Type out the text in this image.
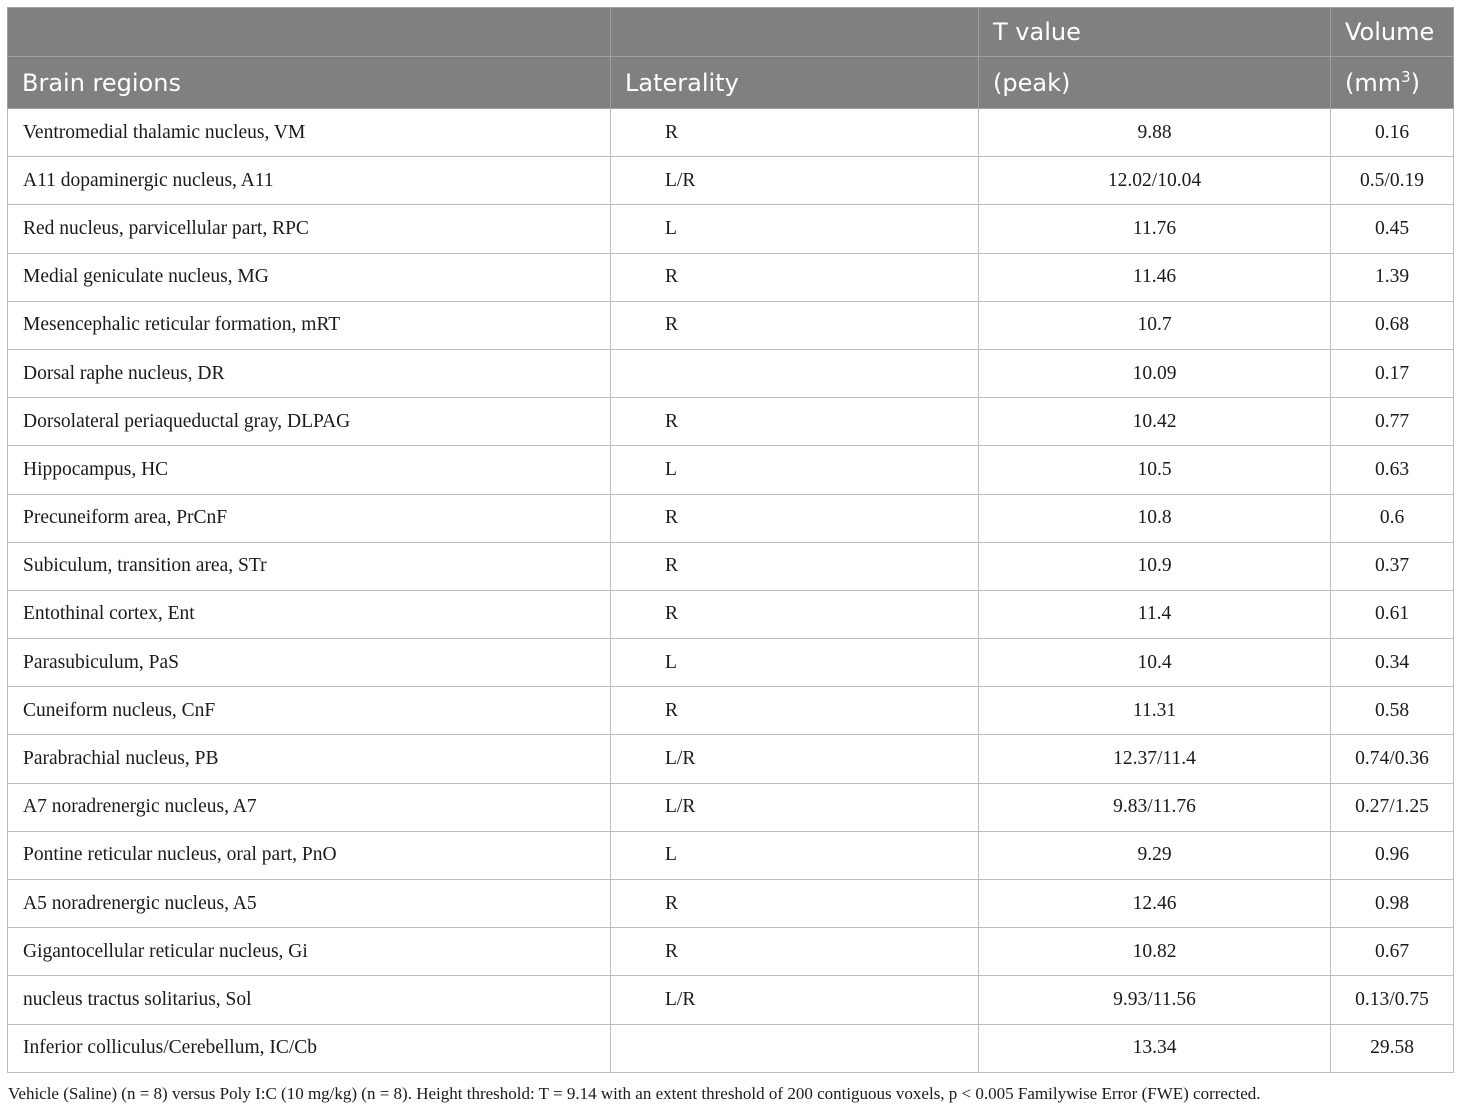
		T value	Volume
Brain regions	Laterality	(peak)	$(mm^3)$
Ventromedial thalamic nucleus, VM	R	9.88	0.16
A11 dopaminergic nucleus, A11	L/R	12.02/10.04	0.5/0.19
Red nucleus, parvicellular part, RPC	L	11.76	0.45
Medial geniculate nucleus, MG	R	11.46	1.39
Mesencephalic reticular formation, mRT	R	10.7	0.68
Dorsal raphe nucleus, DR		10.09	0.17
Dorsolateral periaqueductal gray, DLPAG	R	10.42	0.77
Hippocampus, HC	L	10.5	0.63
Precuneiform area, PrCnF	R	10.8	0.6
Subiculum, transition area, STr	R	10.9	0.37
Entothinal cortex, Ent	R	11.4	0.61
Parasubiculum, PaS	L	10.4	0.34
Cuneiform nucleus, CnF	R	11.31	0.58
Parabrachial nucleus, PB	L/R	12.37/11.4	0.74/0.36
A7 noradrenergic nucleus, A7	L/R	9.83/11.76	0.27/1.25
Pontine reticular nucleus, oral part, PnO	L	9.29	0.96
A5 noradrenergic nucleus, A5	R	12.46	0.98
Gigantocellular reticular nucleus, Gi	R	10.82	0.67
nucleus tractus solitarius, Sol	L/R	9.93/11.56	0.13/0.75
Inferior colliculus/Cerebellum, IC/Cb		13.34	29.58
Vehicle (Saline) (n = 8) versus Poly I:C (10 mg/kg) (n = 8). Height threshold: T = 9.14 with an extent threshold of 200 contiguous voxels, p < 0.005 Familywise Error (FWE) corrected.
